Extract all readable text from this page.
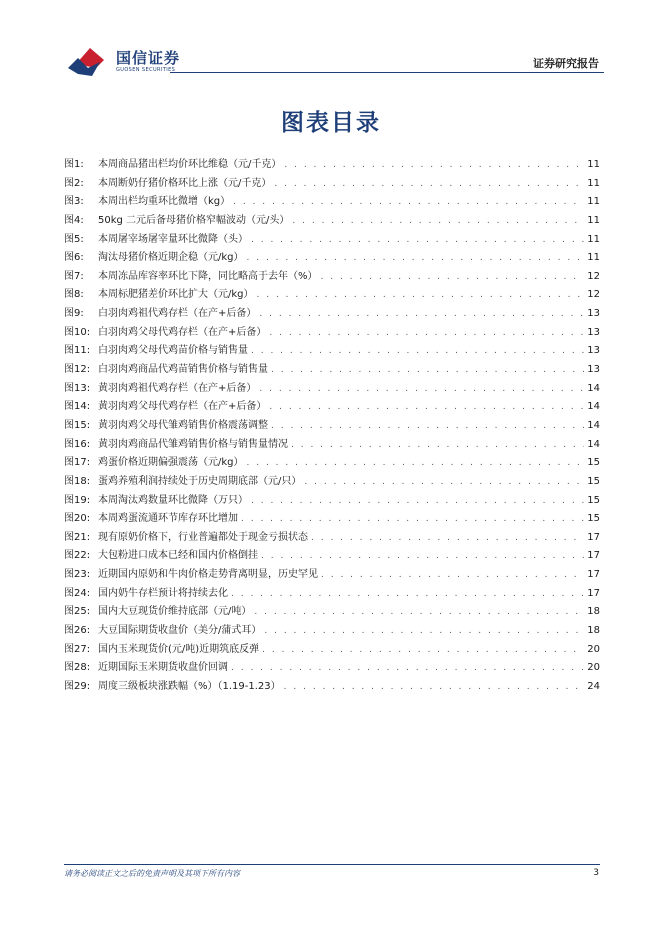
国信证券
GUOSEN SECURITIES	证券研究报告
图表目录
图1:	本周商品猪出栏均价环比维稳（元/千克） . . .	11
图2:	本周断奶仔猪价格环比上涨（元/千克） . . .	11
图3:	本周出栏均重环比微增（kg） . . .	11
图4:	50kg 二元后备母猪价格窄幅波动（元/头） . . .	11
图5:	本周屠宰场屠宰量环比微降（头） . . .	11
图6:	淘汰母猪价格近期企稳（元/kg） . . .	11
图7:	本周冻品库容率环比下降，同比略高于去年（%） . . .	12
图8:	本周标肥猪差价环比扩大（元/kg） . . .	12
图9:	白羽肉鸡祖代鸡存栏（在产+后备） . . .	13
图10: 白羽肉鸡父母代鸡存栏（在产+后备） . . .	13
图11: 白羽肉鸡父母代鸡苗价格与销售量 . . .	13
图12: 白羽肉鸡商品代鸡苗销售价格与销售量 . . .	13
图13: 黄羽肉鸡祖代鸡存栏（在产+后备） . . .	14
图14: 黄羽肉鸡父母代鸡存栏（在产+后备） . . .	14
图15: 黄羽肉鸡父母代雏鸡销售价格震荡调整 . . .	14
图16: 黄羽肉鸡商品代雏鸡销售价格与销售量情况 . . .	14
图17: 鸡蛋价格近期偏强震荡（元/kg） . . .	15
图18: 蛋鸡养殖利润持续处于历史周期底部（元/只） . . .	15
图19: 本周淘汰鸡数量环比微降（万只） . . .	15
图20: 本周鸡蛋流通环节库存环比增加 . . .	15
图21: 现有原奶价格下，行业普遍都处于现金亏损状态 . . .	17
图22: 大包粉进口成本已经和国内价格倒挂 . . .	17
图23: 近期国内原奶和牛肉价格走势背离明显，历史罕见 . . .	17
图24: 国内奶牛存栏预计将持续去化 . . .	17
图25: 国内大豆现货价维持底部（元/吨） . . .	18
图26: 大豆国际期货收盘价（美分/蒲式耳） . . .	18
图27: 国内玉米现货价(元/吨)近期筑底反弹 . . .	20
图28: 近期国际玉米期货收盘价回调 . . .	20
图29: 周度三级板块涨跌幅（%）（1.19-1.23） . . .	24
请务必阅读正文之后的免责声明及其项下所有内容	3
